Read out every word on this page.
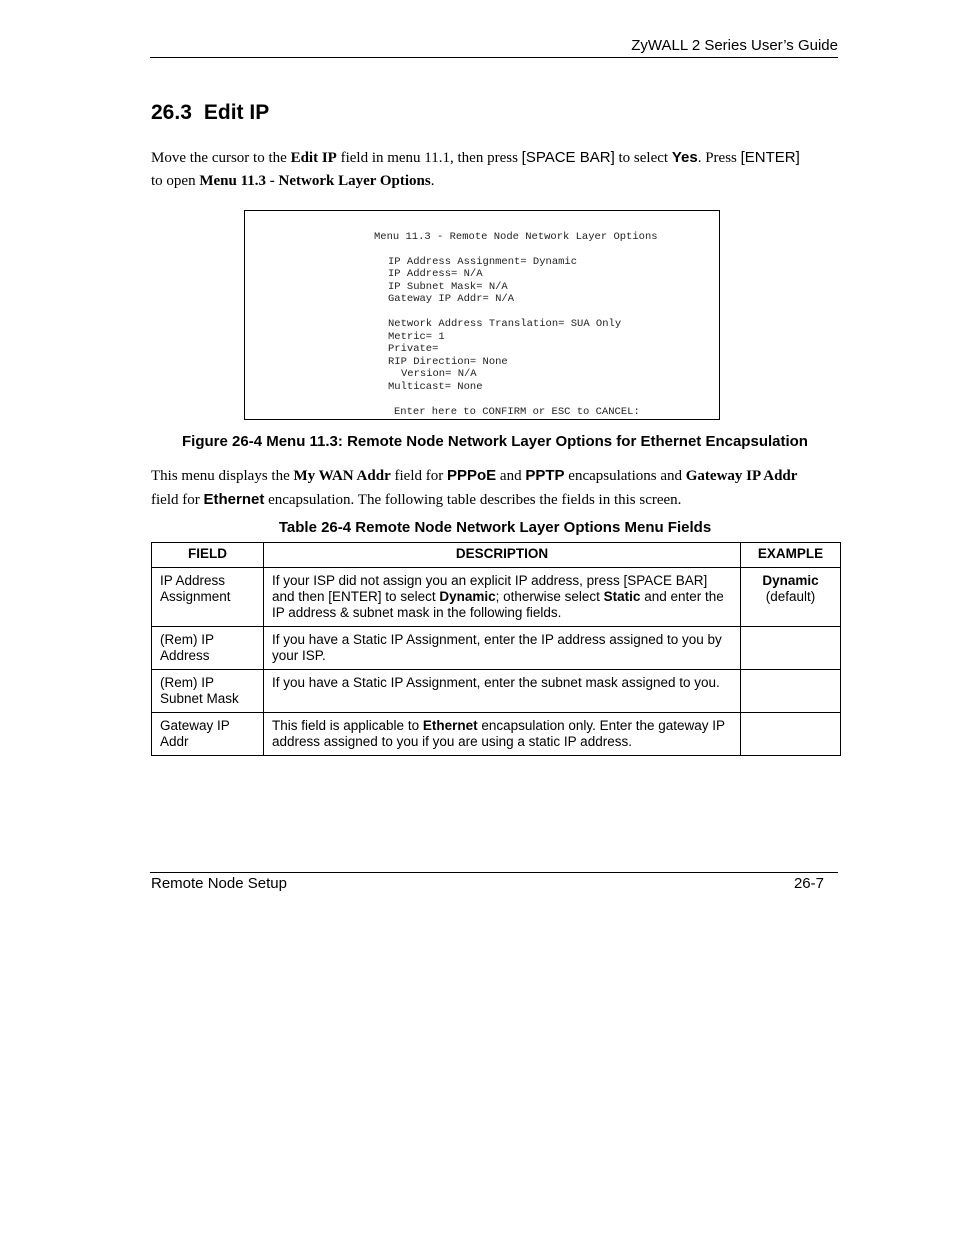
ZyWALL 2 Series User’s Guide
26.3 Edit IP
Move the cursor to the Edit IP field in menu 11.1, then press [SPACE BAR] to select Yes. Press [ENTER]
to open Menu 11.3 - Network Layer Options.
Menu 11.3 - Remote Node Network Layer Options
IP Address Assignment= Dynamic
IP Address= N/A
IP Subnet Mask= N/A
Gateway IP Addr= N/A
Network Address Translation= SUA Only
Metric= 1
Private=
RIP Direction= None
Version= N/A
Multicast= None
Enter here to CONFIRM or ESC to CANCEL:
Figure 26-4 Menu 11.3: Remote Node Network Layer Options for Ethernet Encapsulation
This menu displays the My WAN Addr field for PPPoE and PPTP encapsulations and Gateway IP Addr
field for Ethernet encapsulation. The following table describes the fields in this screen.
Table 26-4 Remote Node Network Layer Options Menu Fields
FIELD	DESCRIPTION	EXAMPLE
IP Address Assignment	If your ISP did not assign you an explicit IP address, press [SPACE BAR] and then [ENTER] to select Dynamic; otherwise select Static and enter the IP address & subnet mask in the following fields.	Dynamic
(default)
(Rem) IP Address	If you have a Static IP Assignment, enter the IP address assigned to you by your ISP.	
(Rem) IP Subnet Mask	If you have a Static IP Assignment, enter the subnet mask assigned to you.	
Gateway IP Addr	This field is applicable to Ethernet encapsulation only. Enter the gateway IP address assigned to you if you are using a static IP address.	
Remote Node Setup	26-7
